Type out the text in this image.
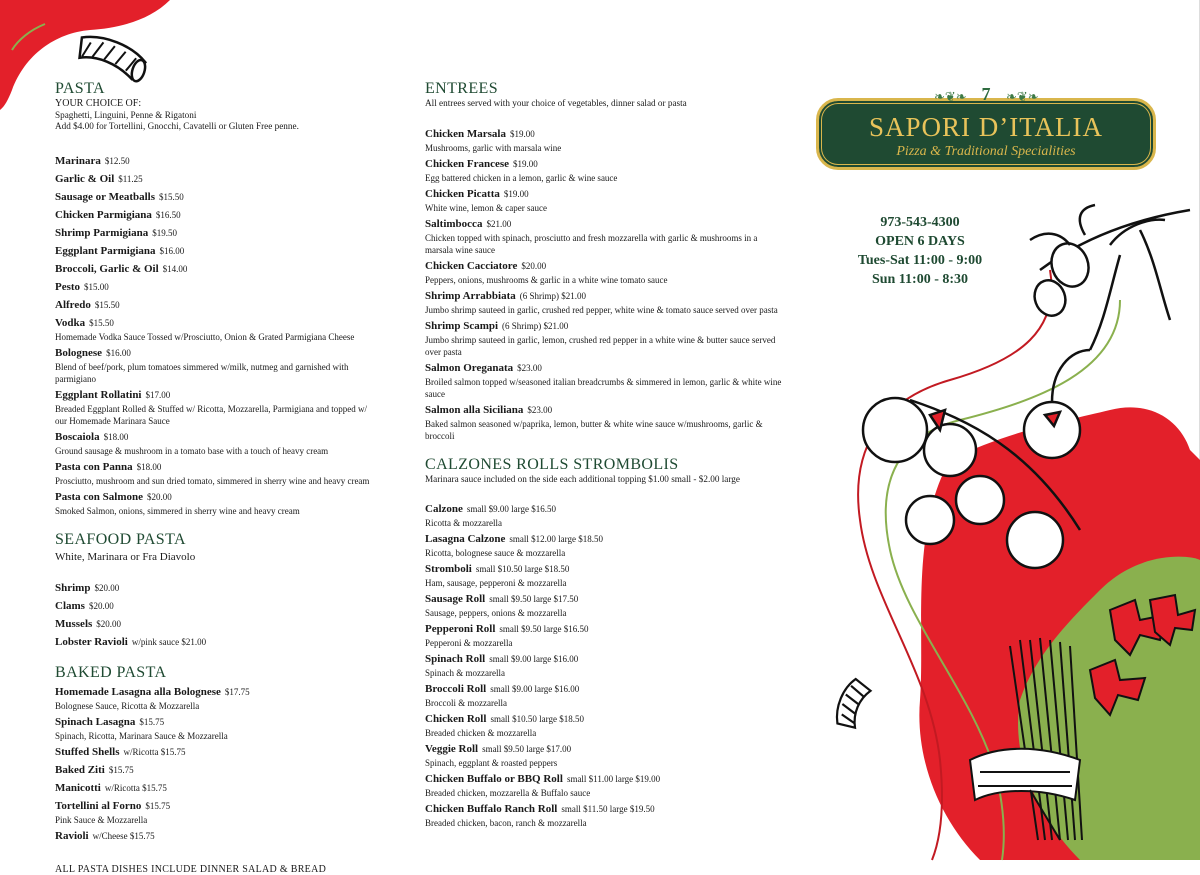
PASTA
YOUR CHOICE OF:
Spaghetti, Linguini, Penne & Rigatoni
Add $4.00 for Tortellini, Gnocchi, Cavatelli or Gluten Free penne.
Marinara $12.50
Garlic & Oil $11.25
Sausage or Meatballs $15.50
Chicken Parmigiana $16.50
Shrimp Parmigiana $19.50
Eggplant Parmigiana $16.00
Broccoli, Garlic & Oil $14.00
Pesto $15.00
Alfredo $15.50
Vodka $15.50
Homemade Vodka Sauce Tossed w/Prosciutto, Onion & Grated Parmigiana Cheese
Bolognese $16.00
Blend of beef/pork, plum tomatoes simmered w/milk, nutmeg and garnished with parmigiano
Eggplant Rollatini $17.00
Breaded Eggplant Rolled & Stuffed w/ Ricotta, Mozzarella, Parmigiana and topped w/ our Homemade Marinara Sauce
Boscaiola $18.00
Ground sausage & mushroom in a tomato base with a touch of heavy cream
Pasta con Panna $18.00
Prosciutto, mushroom and sun dried tomato, simmered in sherry wine and heavy cream
Pasta con Salmone $20.00
Smoked Salmon, onions, simmered in sherry wine and heavy cream
SEAFOOD PASTA
White, Marinara or Fra Diavolo
Shrimp $20.00
Clams $20.00
Mussels $20.00
Lobster Ravioli w/pink sauce $21.00
BAKED PASTA
Homemade Lasagna alla Bolognese $17.75
Bolognese Sauce, Ricotta & Mozzarella
Spinach Lasagna $15.75
Spinach, Ricotta, Marinara Sauce & Mozzarella
Stuffed Shells w/Ricotta $15.75
Baked Ziti $15.75
Manicotti w/Ricotta $15.75
Tortellini al Forno $15.75
Pink Sauce & Mozzarella
Ravioli w/Cheese $15.75
ALL PASTA DISHES INCLUDE DINNER SALAD & BREAD
ENTREES
All entrees served with your choice of vegetables, dinner salad or pasta
Chicken Marsala $19.00
Mushrooms, garlic with marsala wine
Chicken Francese $19.00
Egg battered chicken in a lemon, garlic & wine sauce
Chicken Picatta $19.00
White wine, lemon & caper sauce
Saltimbocca $21.00
Chicken topped with spinach, prosciutto and fresh mozzarella with garlic & mushrooms in a marsala wine sauce
Chicken Cacciatore $20.00
Peppers, onions, mushrooms & garlic in a white wine tomato sauce
Shrimp Arrabbiata (6 Shrimp) $21.00
Jumbo shrimp sauteed in garlic, crushed red pepper, white wine & tomato sauce served over pasta
Shrimp Scampi (6 Shrimp) $21.00
Jumbo shrimp sauteed in garlic, lemon, crushed red pepper in a white wine & butter sauce served over pasta
Salmon Oreganata $23.00
Broiled salmon topped w/seasoned italian breadcrumbs & simmered in lemon, garlic & white wine sauce
Salmon alla Siciliana $23.00
Baked salmon seasoned w/paprika, lemon, butter & white wine sauce w/mushrooms, garlic & broccoli
CALZONES ROLLS STROMBOLIS
Marinara sauce included on the side each additional topping $1.00 small - $2.00 large
Calzone small $9.00 large $16.50
Ricotta & mozzarella
Lasagna Calzone small $12.00 large $18.50
Ricotta, bolognese sauce & mozzarella
Stromboli small $10.50 large $18.50
Ham, sausage, pepperoni & mozzarella
Sausage Roll small $9.50 large $17.50
Sausage, peppers, onions & mozzarella
Pepperoni Roll small $9.50 large $16.50
Pepperoni & mozzarella
Spinach Roll small $9.00 large $16.00
Spinach & mozzarella
Broccoli Roll small $9.00 large $16.00
Broccoli & mozzarella
Chicken Roll small $10.50 large $18.50
Breaded chicken & mozzarella
Veggie Roll small $9.50 large $17.00
Spinach, eggplant & roasted peppers
Chicken Buffalo or BBQ Roll small $11.00 large $19.00
Breaded chicken, mozzarella & Buffalo sauce
Chicken Buffalo Ranch Roll small $11.50 large $19.50
Breaded chicken, bacon, ranch & mozzarella
❧❦❧	❧❦❧
7
SAPORI D’ITALIA
Pizza & Traditional Specialities
973-543-4300
OPEN 6 DAYS
Tues-Sat 11:00 - 9:00
Sun 11:00 - 8:30
